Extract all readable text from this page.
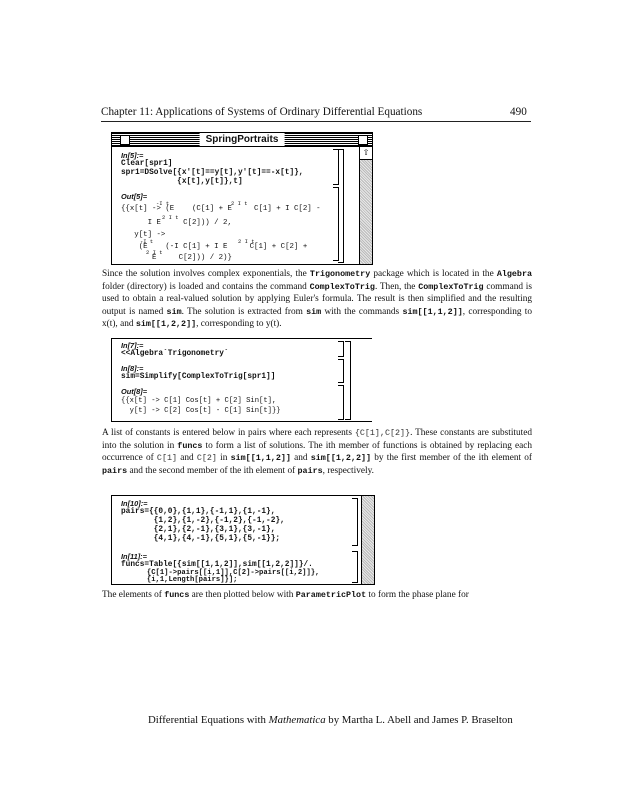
Chapter 11: Applications of Systems of Ordinary Differential Equations	490
SpringPortraits
⇧
In[5]:=
Clear[spr1]
spr1=DSolve[{x'[t]==y[t],y'[t]==-x[t]},
{x[t],y[t]},t]
Out[5]=
{{x[t] -> (E    (C[1] + E     C[1] + I C[2] -
-I t	2 I t
I E     C[2])) / 2,
2 I t
y[t] ->
(E    (-I C[1] + I E     C[1] + C[2] +
-I t	2 I t
E     C[2])) / 2)}
2 I t
Since the solution involves complex exponentials, the Trigonometry package which is located in the Algebra folder (directory) is loaded and contains the command ComplexToTrig. Then, the ComplexToTrig command is used to obtain a real-valued solution by applying Euler's formula. The result is then simplified and the resulting output is named sim. The solution is extracted from sim with the commands sim[[1,1,2]], corresponding to x(t), and sim[[1,2,2]], corresponding to y(t).
In[7]:=
<<Algebra`Trigonometry`
In[8]:=
sim=Simplify[ComplexToTrig[spr1]]
Out[8]=
{{x[t] -> C[1] Cos[t] + C[2] Sin[t],
y[t] -> C[2] Cos[t] - C[1] Sin[t]}}
A list of constants is entered below in pairs where each represents {C[1],C[2]}. These constants are substituted into the solution in funcs to form a list of solutions. The ith member of functions is obtained by replacing each occurrence of C[1] and C[2] in sim[[1,1,2]] and sim[[1,2,2]] by the first member of the ith element of pairs and the second member of the ith element of pairs, respectively.
In[10]:=
pairs={{0,0},{1,1},{-1,1},{1,-1},
{1,2},{1,-2},{-1,2},{-1,-2},
{2,1},{2,-1},{3,1},{3,-1},
{4,1},{4,-1},{5,1},{5,-1}};
In[11]:=
funcs=Table[{sim[[1,1,2]],sim[[1,2,2]]}/.
{C[1]->pairs[[i,1]],C[2]->pairs[[i,2]]},
{i,1,Length[pairs]}];
The elements of funcs are then plotted below with ParametricPlot to form the phase plane for
Differential Equations with Mathematica by Martha L. Abell and James P. Braselton
